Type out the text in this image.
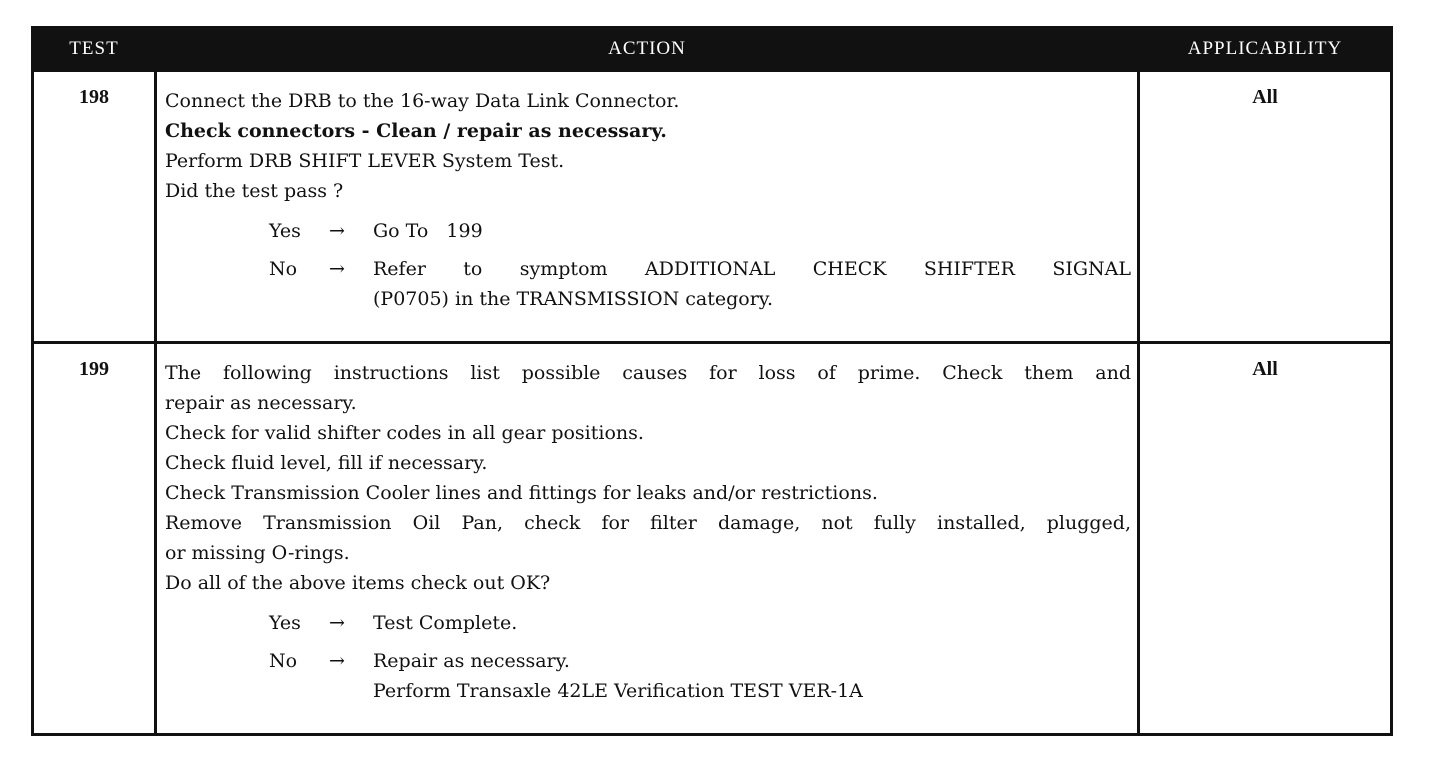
TEST	ACTION	APPLICABILITY
198	Connect the DRB to the 16-way Data Link Connector.
Check connectors - Clean / repair as necessary.
Perform DRB SHIFT LEVER System Test.
Did the test pass ?
Yes	→	Go To   199
No	→	Refer to symptom ADDITIONAL CHECK SHIFTER SIGNAL
(P0705) in the TRANSMISSION category.
All
199	The following instructions list possible causes for loss of prime. Check them and
repair as necessary.
Check for valid shifter codes in all gear positions.
Check fluid level, fill if necessary.
Check Transmission Cooler lines and fittings for leaks and/or restrictions.
Remove Transmission Oil Pan, check for filter damage, not fully installed, plugged,
or missing O-rings.
Do all of the above items check out OK?
Yes	→	Test Complete.
No	→	Repair as necessary.
Perform Transaxle 42LE Verification TEST VER-1A
All
